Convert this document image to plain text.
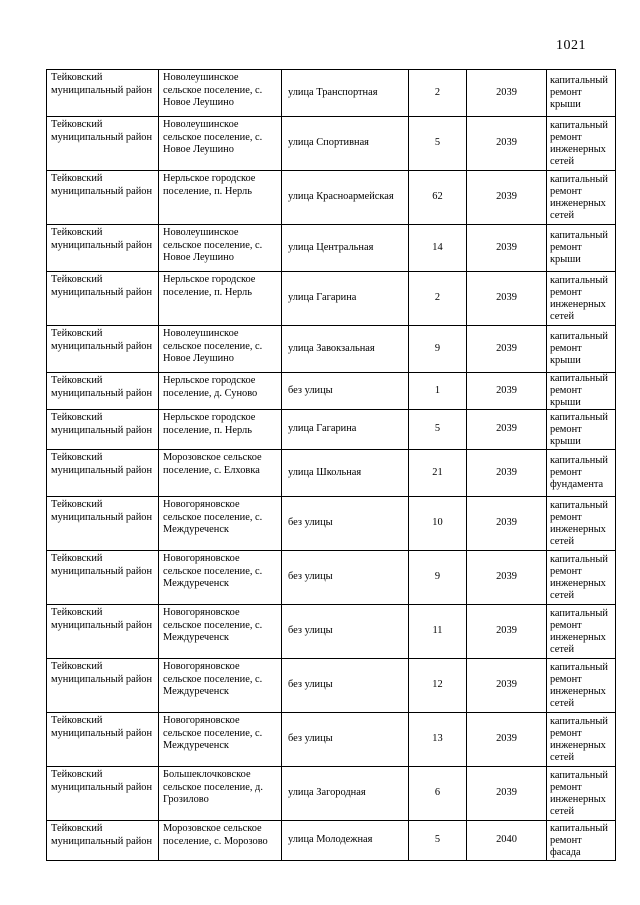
1021
Тейковский муниципальный район	Новолеушинское сельское поселение, с. Новое Леушино	улица Транспортная	2	2039	капитальный ремонт крыши
Тейковский муниципальный район	Новолеушинское сельское поселение, с. Новое Леушино	улица Спортивная	5	2039	капитальный ремонт инженерных сетей
Тейковский муниципальный район	Нерльское городское поселение, п. Нерль	улица Красноармейская	62	2039	капитальный ремонт инженерных сетей
Тейковский муниципальный район	Новолеушинское сельское поселение, с. Новое Леушино	улица Центральная	14	2039	капитальный ремонт крыши
Тейковский муниципальный район	Нерльское городское поселение, п. Нерль	улица Гагарина	2	2039	капитальный ремонт инженерных сетей
Тейковский муниципальный район	Новолеушинское сельское поселение, с. Новое Леушино	улица Завокзальная	9	2039	капитальный ремонт крыши
Тейковский муниципальный район	Нерльское городское поселение, д. Суново	без улицы	1	2039	капитальный ремонт крыши
Тейковский муниципальный район	Нерльское городское поселение, п. Нерль	улица Гагарина	5	2039	капитальный ремонт крыши
Тейковский муниципальный район	Морозовское сельское поселение, с. Елховка	улица Школьная	21	2039	капитальный ремонт фундамента
Тейковский муниципальный район	Новогоряновское сельское поселение, с. Междуреченск	без улицы	10	2039	капитальный ремонт инженерных сетей
Тейковский муниципальный район	Новогоряновское сельское поселение, с. Междуреченск	без улицы	9	2039	капитальный ремонт инженерных сетей
Тейковский муниципальный район	Новогоряновское сельское поселение, с. Междуреченск	без улицы	11	2039	капитальный ремонт инженерных сетей
Тейковский муниципальный район	Новогоряновское сельское поселение, с. Междуреченск	без улицы	12	2039	капитальный ремонт инженерных сетей
Тейковский муниципальный район	Новогоряновское сельское поселение, с. Междуреченск	без улицы	13	2039	капитальный ремонт инженерных сетей
Тейковский муниципальный район	Большеклочковское сельское поселение, д. Грозилово	улица Загородная	6	2039	капитальный ремонт инженерных сетей
Тейковский муниципальный район	Морозовское сельское поселение, с. Морозово	улица Молодежная	5	2040	капитальный ремонт фасада
